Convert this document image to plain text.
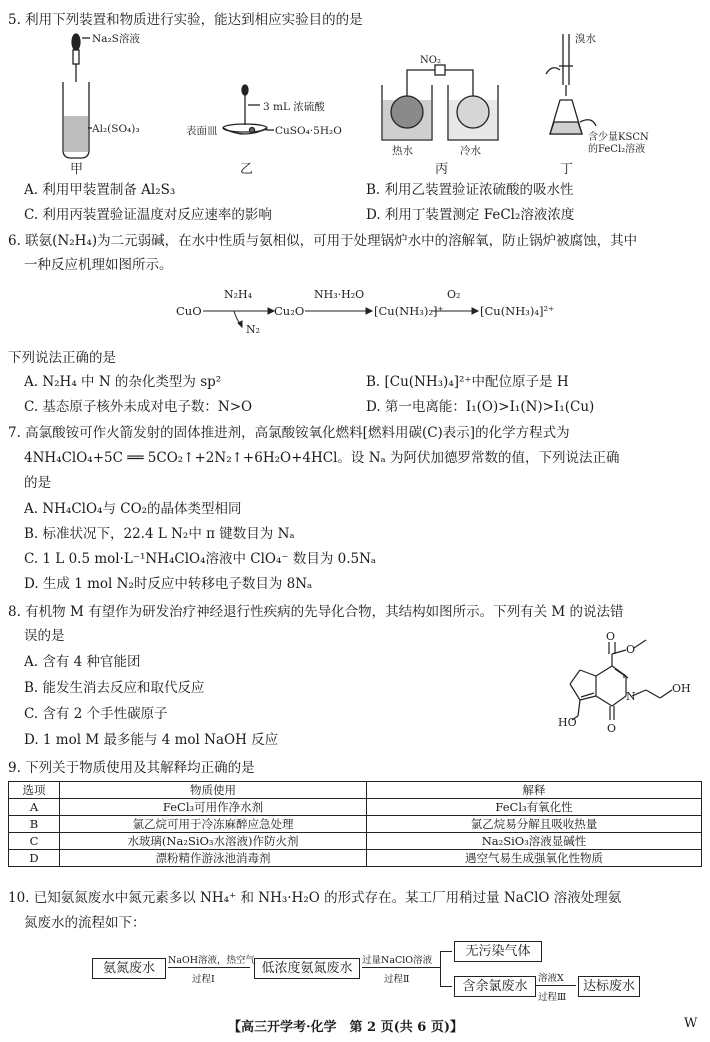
5. 利用下列装置和物质进行实验，能达到相应实验目的的是
Na₂S溶液
Al₂(SO₄)₃
甲
3 mL 浓硫酸
表面皿	CuSO₄·5H₂O
乙
NO₂
热水	冷水
丙
溴水
含少量KSCN
的FeCl₂溶液
丁
A. 利用甲装置制备 Al₂S₃	B. 利用乙装置验证浓硫酸的吸水性
C. 利用丙装置验证温度对反应速率的影响	D. 利用丁装置测定 FeCl₂溶液浓度
6. 联氨(N₂H₄)为二元弱碱，在水中性质与氨相似，可用于处理锅炉水中的溶解氧，防止锅炉被腐蚀，其中
一种反应机理如图所示。
CuO
N₂H₄
N₂
Cu₂O
NH₃·H₂O
[Cu(NH₃)₂]⁺
O₂
[Cu(NH₃)₄]²⁺
下列说法正确的是
A. N₂H₄ 中 N 的杂化类型为 sp²	B. [Cu(NH₃)₄]²⁺中配位原子是 H
C. 基态原子核外未成对电子数：N>O	D. 第一电离能：I₁(O)>I₁(N)>I₁(Cu)
7. 高氯酸铵可作火箭发射的固体推进剂，高氯酸铵氧化燃料[燃料用碳(C)表示]的化学方程式为
4NH₄ClO₄+5C ══ 5CO₂↑+2N₂↑+6H₂O+4HCl。设 Nₐ 为阿伏加德罗常数的值，下列说法正确
的是
A. NH₄ClO₄与 CO₂的晶体类型相同
B. 标准状况下，22.4 L N₂中 π 键数目为 Nₐ
C. 1 L 0.5 mol·L⁻¹NH₄ClO₄溶液中 ClO₄⁻ 数目为 0.5Nₐ
D. 生成 1 mol N₂时反应中转移电子数目为 8Nₐ
8. 有机物 M 有望作为研发治疗神经退行性疾病的先导化合物，其结构如图所示。下列有关 M 的说法错
误的是
A. 含有 4 种官能团
B. 能发生消去反应和取代反应
C. 含有 2 个手性碳原子
D. 1 mol M 最多能与 4 mol NaOH 反应
O
O
N
O
OH
HO
9. 下列关于物质使用及其解释均正确的是
选项	物质使用	解释
A	FeCl₃可用作净水剂	FeCl₃有氧化性
B	氯乙烷可用于冷冻麻醉应急处理	氯乙烷易分解且吸收热量
C	水玻璃(Na₂SiO₃水溶液)作防火剂	Na₂SiO₃溶液显碱性
D	漂粉精作游泳池消毒剂	遇空气易生成强氧化性物质
10. 已知氨氮废水中氮元素多以 NH₄⁺ 和 NH₃·H₂O 的形式存在。某工厂用稍过量 NaClO 溶液处理氨
氮废水的流程如下：
氨氮废水
NaOH溶液，热空气
过程Ⅰ
低浓度氨氮废水
过量NaClO溶液
过程Ⅱ
无污染气体
含余氯废水
溶液X
过程Ⅲ
达标废水
【高三开学考·化学　第 2 页(共 6 页)】	W
